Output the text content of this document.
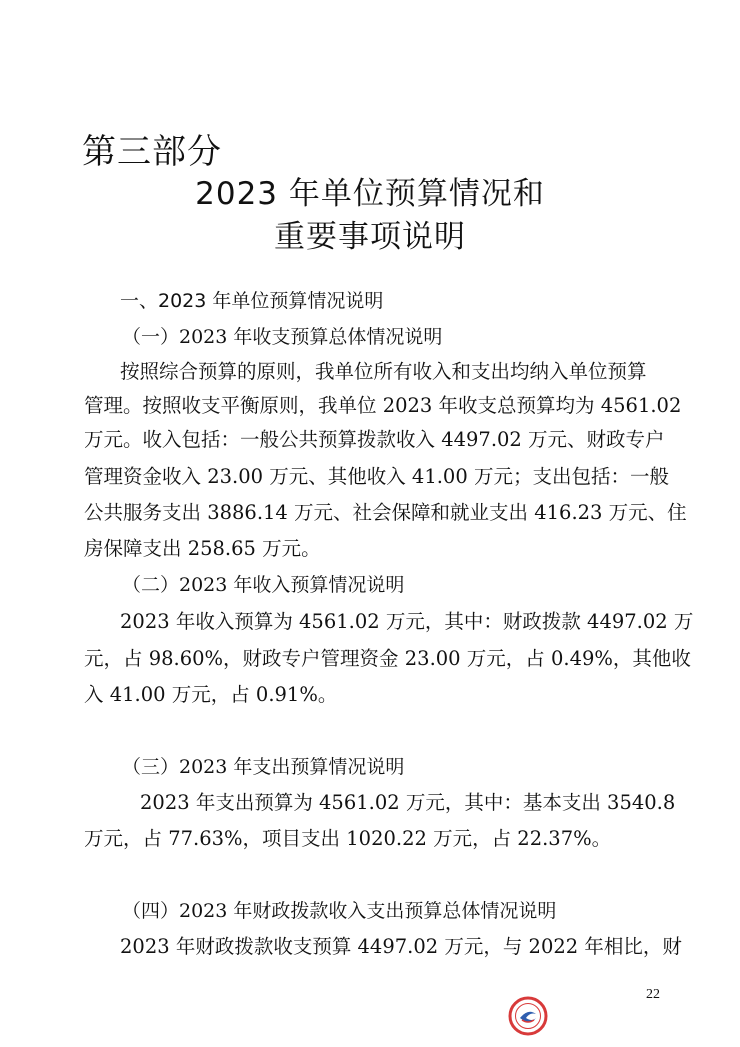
第三部分
2023 年单位预算情况和
重要事项说明
一、2023 年单位预算情况说明
（一）2023 年收支预算总体情况说明
按照综合预算的原则，我单位所有收入和支出均纳入单位预算
管理。按照收支平衡原则，我单位 2023 年收支总预算均为 4561.02
万元。收入包括：一般公共预算拨款收入 4497.02 万元、财政专户
管理资金收入 23.00 万元、其他收入 41.00 万元；支出包括：一般
公共服务支出 3886.14 万元、社会保障和就业支出 416.23 万元、住
房保障支出 258.65 万元。
（二）2023 年收入预算情况说明
2023 年收入预算为 4561.02 万元，其中：财政拨款 4497.02 万
元，占 98.60%，财政专户管理资金 23.00 万元，占 0.49%，其他收
入 41.00 万元，占 0.91%。
（三）2023 年支出预算情况说明
2023 年支出预算为 4561.02 万元，其中：基本支出 3540.8
万元，占 77.63%，项目支出 1020.22 万元，占 22.37%。
（四）2023 年财政拨款收入支出预算总体情况说明
2023 年财政拨款收支预算 4497.02 万元，与 2022 年相比，财
22
